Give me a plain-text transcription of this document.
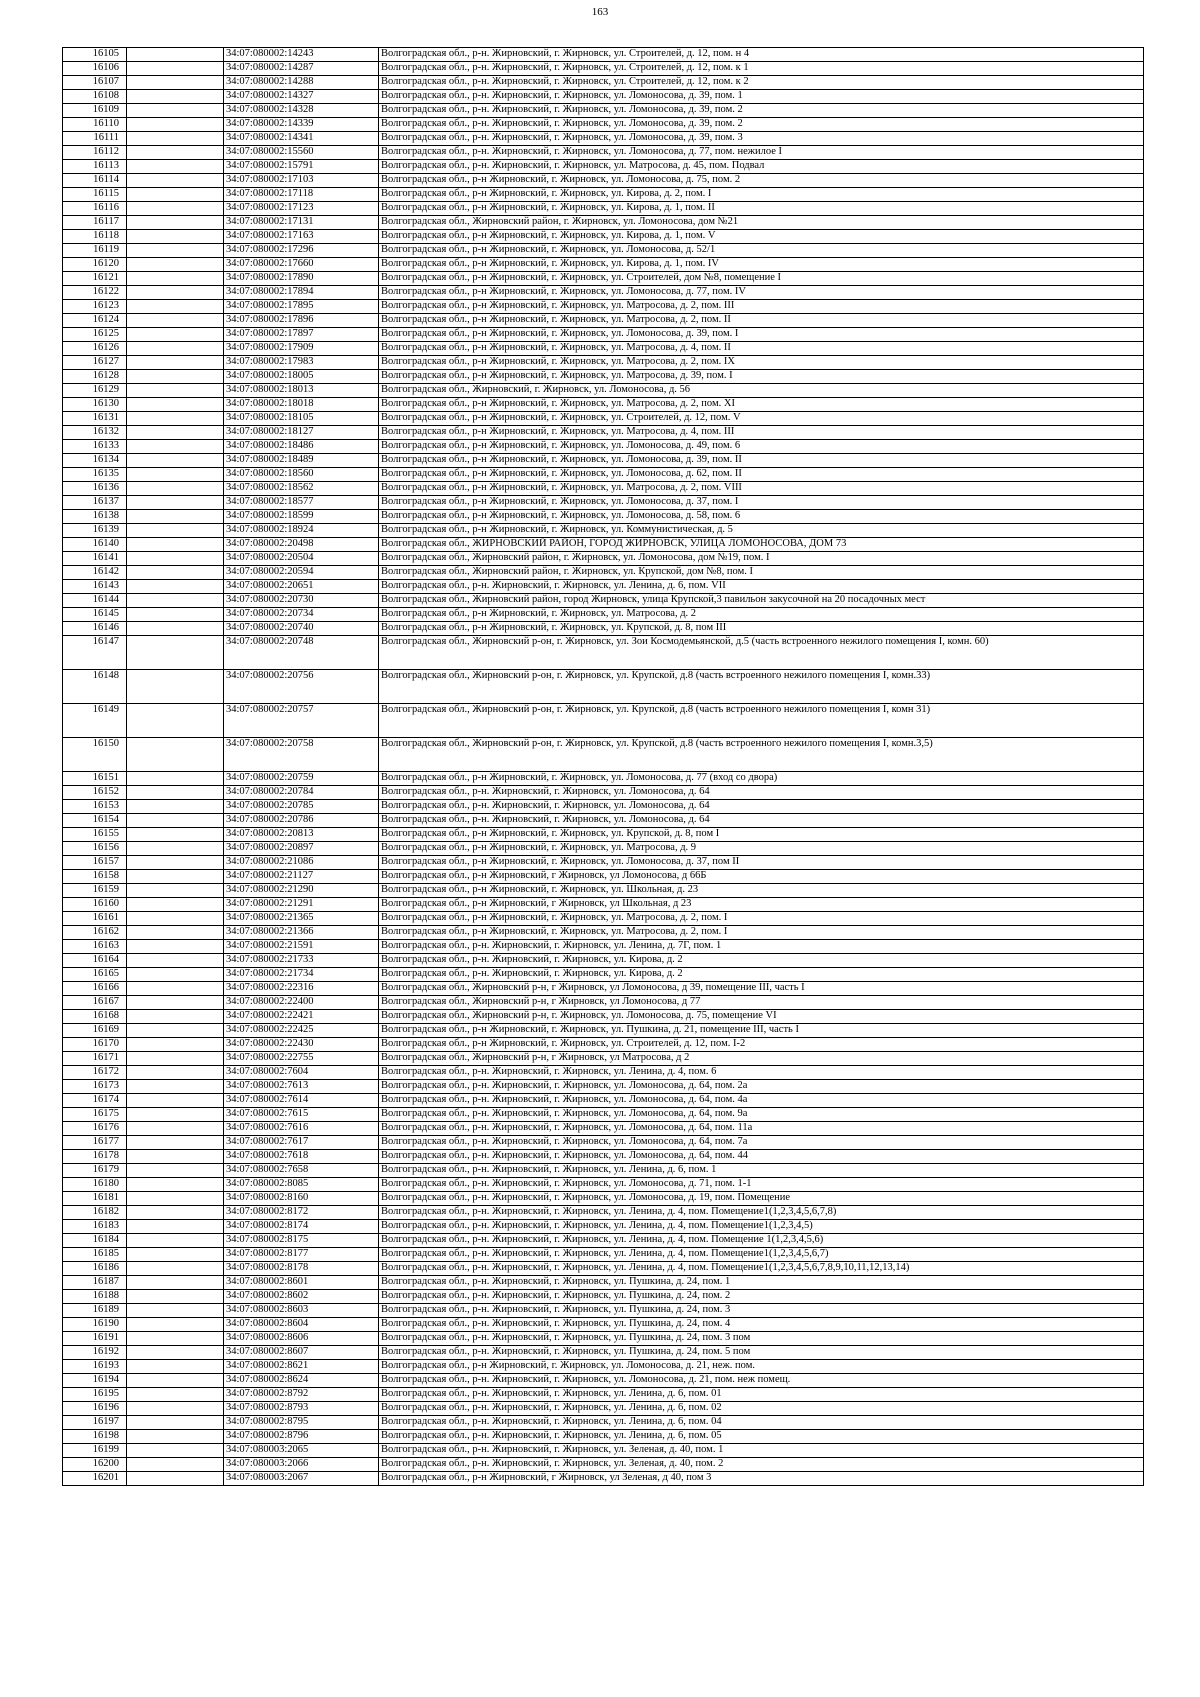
163
16105		34:07:080002:14243	Волгоградская обл., р-н. Жирновский, г. Жирновск, ул. Строителей, д. 12, пом. н 4
16106		34:07:080002:14287	Волгоградская обл., р-н. Жирновский, г. Жирновск, ул. Строителей, д. 12, пом. к 1
16107		34:07:080002:14288	Волгоградская обл., р-н. Жирновский, г. Жирновск, ул. Строителей, д. 12, пом. к 2
16108		34:07:080002:14327	Волгоградская обл., р-н. Жирновский, г. Жирновск, ул. Ломоносова, д. 39, пом. 1
16109		34:07:080002:14328	Волгоградская обл., р-н. Жирновский, г. Жирновск, ул. Ломоносова, д. 39, пом. 2
16110		34:07:080002:14339	Волгоградская обл., р-н. Жирновский, г. Жирновск, ул. Ломоносова, д. 39, пом. 2
16111		34:07:080002:14341	Волгоградская обл., р-н. Жирновский, г. Жирновск, ул. Ломоносова, д. 39, пом. 3
16112		34:07:080002:15560	Волгоградская обл., р-н. Жирновский, г. Жирновск, ул. Ломоносова, д. 77, пом. нежилое I
16113		34:07:080002:15791	Волгоградская обл., р-н. Жирновский, г. Жирновск, ул. Матросова, д. 45, пом. Подвал
16114		34:07:080002:17103	Волгоградская обл., р-н Жирновский, г. Жирновск, ул. Ломоносова, д. 75, пом. 2
16115		34:07:080002:17118	Волгоградская обл., р-н Жирновский, г. Жирновск, ул. Кирова, д. 2, пом. I
16116		34:07:080002:17123	Волгоградская обл., р-н Жирновский, г. Жирновск, ул. Кирова, д. 1, пом. II
16117		34:07:080002:17131	Волгоградская обл., Жирновский район, г. Жирновск, ул. Ломоносова, дом №21
16118		34:07:080002:17163	Волгоградская обл., р-н Жирновский, г. Жирновск, ул. Кирова, д. 1, пом. V
16119		34:07:080002:17296	Волгоградская обл., р-н Жирновский, г. Жирновск, ул. Ломоносова, д. 52/1
16120		34:07:080002:17660	Волгоградская обл., р-н Жирновский, г. Жирновск, ул. Кирова, д. 1, пом. IV
16121		34:07:080002:17890	Волгоградская обл., р-н Жирновский, г. Жирновск, ул. Строителей, дом №8, помещение I
16122		34:07:080002:17894	Волгоградская обл., р-н Жирновский, г. Жирновск, ул. Ломоносова, д. 77, пом. IV
16123		34:07:080002:17895	Волгоградская обл., р-н Жирновский, г. Жирновск, ул. Матросова, д. 2, пом. III
16124		34:07:080002:17896	Волгоградская обл., р-н Жирновский, г. Жирновск, ул. Матросова, д. 2, пом. II
16125		34:07:080002:17897	Волгоградская обл., р-н Жирновский, г. Жирновск, ул. Ломоносова, д. 39, пом. I
16126		34:07:080002:17909	Волгоградская обл., р-н Жирновский, г. Жирновск, ул. Матросова, д. 4, пом. II
16127		34:07:080002:17983	Волгоградская обл., р-н Жирновский, г. Жирновск, ул. Матросова, д. 2, пом. IX
16128		34:07:080002:18005	Волгоградская обл., р-н Жирновский, г. Жирновск, ул. Матросова, д. 39, пом. I
16129		34:07:080002:18013	Волгоградская обл., Жирновский, г. Жирновск, ул. Ломоносова, д. 56
16130		34:07:080002:18018	Волгоградская обл., р-н Жирновский, г. Жирновск, ул. Матросова, д. 2, пом. XI
16131		34:07:080002:18105	Волгоградская обл., р-н Жирновский, г. Жирновск, ул. Строителей, д. 12, пом. V
16132		34:07:080002:18127	Волгоградская обл., р-н Жирновский, г. Жирновск, ул. Матросова, д. 4, пом. III
16133		34:07:080002:18486	Волгоградская обл., р-н Жирновский, г. Жирновск, ул. Ломоносова, д. 49, пом. 6
16134		34:07:080002:18489	Волгоградская обл., р-н Жирновский, г. Жирновск, ул. Ломоносова, д. 39, пом. II
16135		34:07:080002:18560	Волгоградская обл., р-н Жирновский, г. Жирновск, ул. Ломоносова, д. 62, пом. II
16136		34:07:080002:18562	Волгоградская обл., р-н Жирновский, г. Жирновск, ул. Матросова, д. 2, пом. VIII
16137		34:07:080002:18577	Волгоградская обл., р-н Жирновский, г. Жирновск, ул. Ломоносова, д. 37, пом. I
16138		34:07:080002:18599	Волгоградская обл., р-н Жирновский, г. Жирновск, ул. Ломоносова, д. 58, пом. 6
16139		34:07:080002:18924	Волгоградская обл., р-н Жирновский, г. Жирновск, ул. Коммунистическая, д. 5
16140		34:07:080002:20498	Волгоградская обл., ЖИРНОВСКИЙ РАЙОН, ГОРОД ЖИРНОВСК, УЛИЦА ЛОМОНОСОВА, ДОМ 73
16141		34:07:080002:20504	Волгоградская обл., Жирновский район, г. Жирновск, ул. Ломоносова, дом №19, пом. I
16142		34:07:080002:20594	Волгоградская обл., Жирновский район, г. Жирновск, ул. Крупской, дом №8, пом. I
16143		34:07:080002:20651	Волгоградская обл., р-н. Жирновский, г. Жирновск, ул. Ленина, д. 6, пом. VII
16144		34:07:080002:20730	Волгоградская обл., Жирновский район, город Жирновск, улица Крупской,3 павильон закусочной на 20 посадочных мест
16145		34:07:080002:20734	Волгоградская обл., р-н Жирновский, г. Жирновск, ул. Матросова, д. 2
16146		34:07:080002:20740	Волгоградская обл., р-н Жирновский, г. Жирновск, ул. Крупской, д. 8, пом III
16147		34:07:080002:20748	Волгоградская обл., Жирновский р-он, г. Жирновск, ул. Зои Космодемьянской, д.5 (часть встроенного нежилого помещения I, комн. 60)
16148		34:07:080002:20756	Волгоградская обл., Жирновский р-он, г. Жирновск, ул. Крупской, д.8 (часть встроенного нежилого помещения I, комн.33)
16149		34:07:080002:20757	Волгоградская обл., Жирновский р-он, г. Жирновск, ул. Крупской, д.8 (часть встроенного нежилого помещения I, комн 31)
16150		34:07:080002:20758	Волгоградская обл., Жирновский р-он, г. Жирновск, ул. Крупской, д.8 (часть встроенного нежилого помещения I, комн.3,5)
16151		34:07:080002:20759	Волгоградская обл., р-н Жирновский, г. Жирновск, ул. Ломоносова, д. 77 (вход со двора)
16152		34:07:080002:20784	Волгоградская обл., р-н. Жирновский, г. Жирновск, ул. Ломоносова, д. 64
16153		34:07:080002:20785	Волгоградская обл., р-н. Жирновский, г. Жирновск, ул. Ломоносова, д. 64
16154		34:07:080002:20786	Волгоградская обл., р-н. Жирновский, г. Жирновск, ул. Ломоносова, д. 64
16155		34:07:080002:20813	Волгоградская обл., р-н Жирновский, г. Жирновск, ул. Крупской, д. 8, пом I
16156		34:07:080002:20897	Волгоградская обл., р-н Жирновский, г. Жирновск, ул. Матросова, д. 9
16157		34:07:080002:21086	Волгоградская обл., р-н Жирновский, г. Жирновск, ул. Ломоносова, д. 37, пом II
16158		34:07:080002:21127	Волгоградская обл., р-н Жирновский, г Жирновск, ул Ломоносова, д 66Б
16159		34:07:080002:21290	Волгоградская обл., р-н Жирновский, г. Жирновск, ул. Школьная, д. 23
16160		34:07:080002:21291	Волгоградская обл., р-н Жирновский, г Жирновск, ул Школьная, д 23
16161		34:07:080002:21365	Волгоградская обл., р-н Жирновский, г. Жирновск, ул. Матросова, д. 2, пом. I
16162		34:07:080002:21366	Волгоградская обл., р-н Жирновский, г. Жирновск, ул. Матросова, д. 2, пом. I
16163		34:07:080002:21591	Волгоградская обл., р-н. Жирновский, г. Жирновск, ул. Ленина, д. 7Г, пом. 1
16164		34:07:080002:21733	Волгоградская обл., р-н. Жирновский, г. Жирновск, ул. Кирова, д. 2
16165		34:07:080002:21734	Волгоградская обл., р-н. Жирновский, г. Жирновск, ул. Кирова, д. 2
16166		34:07:080002:22316	Волгоградская обл., Жирновский р-н, г Жирновск, ул Ломоносова, д 39, помещение III, часть I
16167		34:07:080002:22400	Волгоградская обл., Жирновский р-н, г Жирновск, ул Ломоносова, д 77
16168		34:07:080002:22421	Волгоградская обл., Жирновский р-н, г. Жирновск, ул. Ломоносова, д. 75, помещение VI
16169		34:07:080002:22425	Волгоградская обл., р-н Жирновский, г. Жирновск, ул. Пушкина, д. 21, помещение III, часть I
16170		34:07:080002:22430	Волгоградская обл., р-н Жирновский, г. Жирновск, ул. Строителей, д. 12, пом. I-2
16171		34:07:080002:22755	Волгоградская обл., Жирновский р-н, г Жирновск, ул Матросова, д 2
16172		34:07:080002:7604	Волгоградская обл., р-н. Жирновский, г. Жирновск, ул. Ленина, д. 4, пом. 6
16173		34:07:080002:7613	Волгоградская обл., р-н. Жирновский, г. Жирновск, ул. Ломоносова, д. 64, пом. 2а
16174		34:07:080002:7614	Волгоградская обл., р-н. Жирновский, г. Жирновск, ул. Ломоносова, д. 64, пом. 4а
16175		34:07:080002:7615	Волгоградская обл., р-н. Жирновский, г. Жирновск, ул. Ломоносова, д. 64, пом. 9а
16176		34:07:080002:7616	Волгоградская обл., р-н. Жирновский, г. Жирновск, ул. Ломоносова, д. 64, пом. 11а
16177		34:07:080002:7617	Волгоградская обл., р-н. Жирновский, г. Жирновск, ул. Ломоносова, д. 64, пом. 7а
16178		34:07:080002:7618	Волгоградская обл., р-н. Жирновский, г. Жирновск, ул. Ломоносова, д. 64, пом. 44
16179		34:07:080002:7658	Волгоградская обл., р-н. Жирновский, г. Жирновск, ул. Ленина, д. 6, пом. 1
16180		34:07:080002:8085	Волгоградская обл., р-н. Жирновский, г. Жирновск, ул. Ломоносова, д. 71, пом. 1-1
16181		34:07:080002:8160	Волгоградская обл., р-н. Жирновский, г. Жирновск, ул. Ломоносова, д. 19, пом. Помещение
16182		34:07:080002:8172	Волгоградская обл., р-н. Жирновский, г. Жирновск, ул. Ленина, д. 4, пом. Помещение1(1,2,3,4,5,6,7,8)
16183		34:07:080002:8174	Волгоградская обл., р-н. Жирновский, г. Жирновск, ул. Ленина, д. 4, пом. Помещение1(1,2,3,4,5)
16184		34:07:080002:8175	Волгоградская обл., р-н. Жирновский, г. Жирновск, ул. Ленина, д. 4, пом. Помещение 1(1,2,3,4,5,6)
16185		34:07:080002:8177	Волгоградская обл., р-н. Жирновский, г. Жирновск, ул. Ленина, д. 4, пом. Помещение1(1,2,3,4,5,6,7)
16186		34:07:080002:8178	Волгоградская обл., р-н. Жирновский, г. Жирновск, ул. Ленина, д. 4, пом. Помещение1(1,2,3,4,5,6,7,8,9,10,11,12,13,14)
16187		34:07:080002:8601	Волгоградская обл., р-н. Жирновский, г. Жирновск, ул. Пушкина, д. 24, пом. 1
16188		34:07:080002:8602	Волгоградская обл., р-н. Жирновский, г. Жирновск, ул. Пушкина, д. 24, пом. 2
16189		34:07:080002:8603	Волгоградская обл., р-н. Жирновский, г. Жирновск, ул. Пушкина, д. 24, пом. 3
16190		34:07:080002:8604	Волгоградская обл., р-н. Жирновский, г. Жирновск, ул. Пушкина, д. 24, пом. 4
16191		34:07:080002:8606	Волгоградская обл., р-н. Жирновский, г. Жирновск, ул. Пушкина, д. 24, пом. 3 пом
16192		34:07:080002:8607	Волгоградская обл., р-н. Жирновский, г. Жирновск, ул. Пушкина, д. 24, пом. 5 пом
16193		34:07:080002:8621	Волгоградская обл., р-н Жирновский, г. Жирновск, ул. Ломоносова, д. 21, неж. пом.
16194		34:07:080002:8624	Волгоградская обл., р-н. Жирновский, г. Жирновск, ул. Ломоносова, д. 21, пом. неж помещ.
16195		34:07:080002:8792	Волгоградская обл., р-н. Жирновский, г. Жирновск, ул. Ленина, д. 6, пом. 01
16196		34:07:080002:8793	Волгоградская обл., р-н. Жирновский, г. Жирновск, ул. Ленина, д. 6, пом. 02
16197		34:07:080002:8795	Волгоградская обл., р-н. Жирновский, г. Жирновск, ул. Ленина, д. 6, пом. 04
16198		34:07:080002:8796	Волгоградская обл., р-н. Жирновский, г. Жирновск, ул. Ленина, д. 6, пом. 05
16199		34:07:080003:2065	Волгоградская обл., р-н. Жирновский, г. Жирновск, ул. Зеленая, д. 40, пом. 1
16200		34:07:080003:2066	Волгоградская обл., р-н. Жирновский, г. Жирновск, ул. Зеленая, д. 40, пом. 2
16201		34:07:080003:2067	Волгоградская обл., р-н Жирновский, г Жирновск, ул Зеленая, д 40, пом 3
